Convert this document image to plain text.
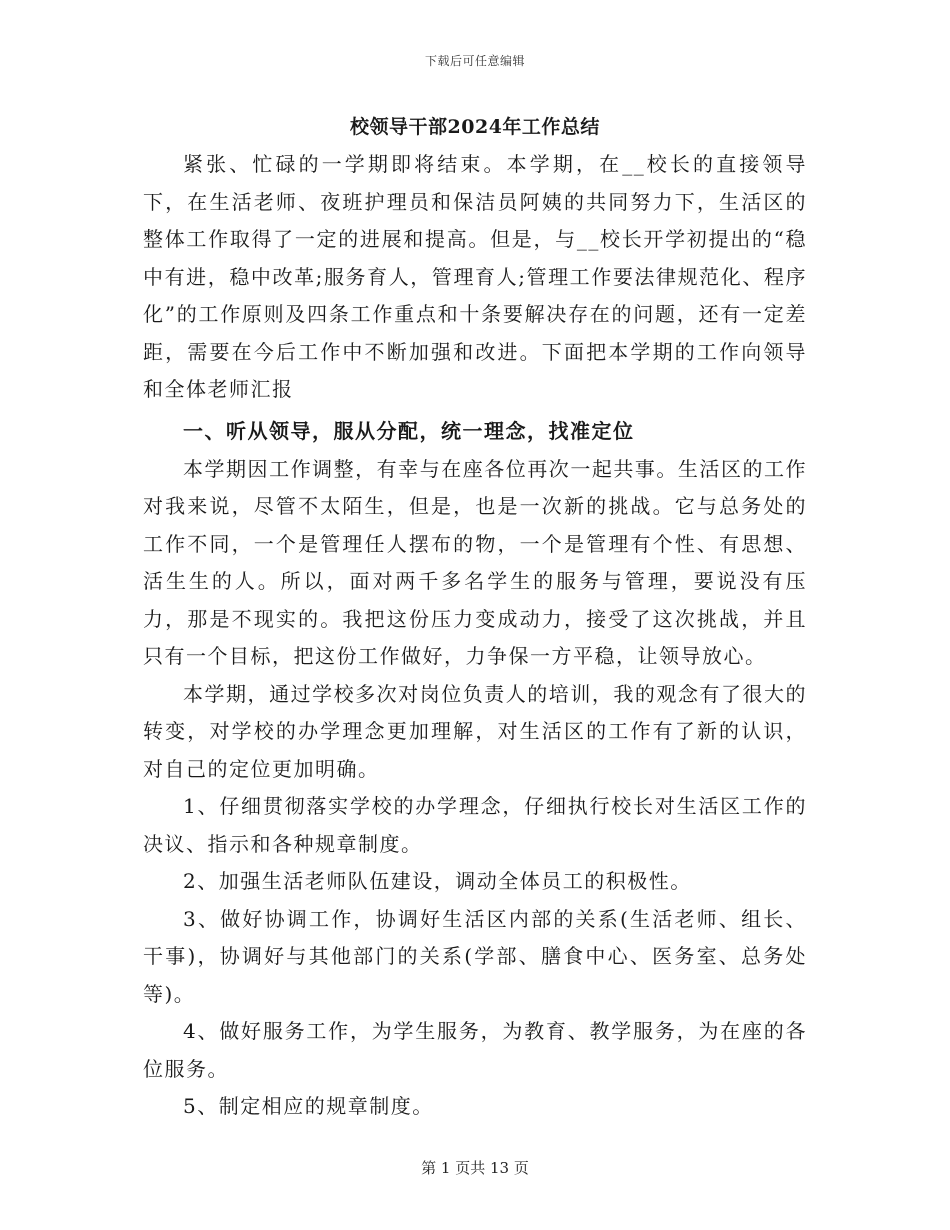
下载后可任意编辑
校领导干部2024年工作总结

紧张、忙碌的一学期即将结束。本学期，在__校长的直接领导下，在生活老师、夜班护理员和保洁员阿姨的共同努力下，生活区的整体工作取得了一定的进展和提高。但是，与__校长开学初提出的“稳中有进，稳中改革;服务育人，管理育人;管理工作要法律规范化、程序化”的工作原则及四条工作重点和十条要解决存在的问题，还有一定差距，需要在今后工作中不断加强和改进。下面把本学期的工作向领导和全体老师汇报

一、听从领导，服从分配，统一理念，找准定位

本学期因工作调整，有幸与在座各位再次一起共事。生活区的工作对我来说，尽管不太陌生，但是，也是一次新的挑战。它与总务处的工作不同，一个是管理任人摆布的物，一个是管理有个性、有思想、活生生的人。所以，面对两千多名学生的服务与管理，要说没有压力，那是不现实的。我把这份压力变成动力，接受了这次挑战，并且只有一个目标，把这份工作做好，力争保一方平稳，让领导放心。

本学期，通过学校多次对岗位负责人的培训，我的观念有了很大的转变，对学校的办学理念更加理解，对生活区的工作有了新的认识，对自己的定位更加明确。

1、仔细贯彻落实学校的办学理念，仔细执行校长对生活区工作的决议、指示和各种规章制度。

2、加强生活老师队伍建设，调动全体员工的积极性。

3、做好协调工作，协调好生活区内部的关系(生活老师、组长、干事)，协调好与其他部门的关系(学部、膳食中心、医务室、总务处等)。

4、做好服务工作，为学生服务，为教育、教学服务，为在座的各位服务。

5、制定相应的规章制度。

第 1 页共 13 页
